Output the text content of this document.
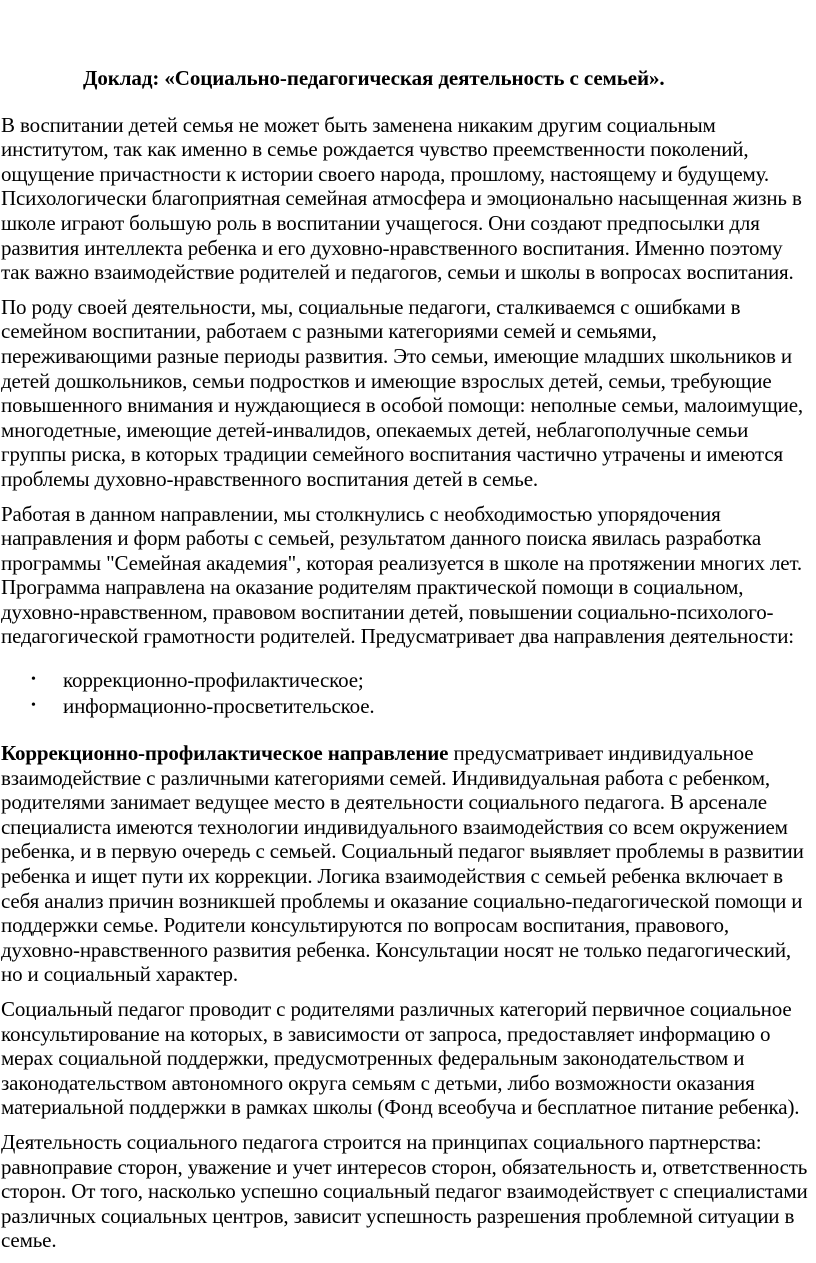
Доклад: «Социально-педагогическая деятельность с семьей».

В воспитании детей семья не может быть заменена никаким другим социальным институтом, так как именно в семье рождается чувство преемственности поколений, ощущение причастности к истории своего народа, прошлому, настоящему и будущему. Психологически благоприятная семейная атмосфера и эмоционально насыщенная жизнь в школе играют большую роль в воспитании учащегося. Они создают предпосылки для развития интеллекта ребенка и его духовно-нравственного воспитания. Именно поэтому так важно взаимодействие родителей и педагогов, семьи и школы в вопросах воспитания.

По роду своей деятельности, мы, социальные педагоги, сталкиваемся с ошибками в семейном воспитании, работаем с разными категориями семей и семьями, переживающими разные периоды развития. Это семьи, имеющие младших школьников и детей дошкольников, семьи подростков и имеющие взрослых детей, семьи, требующие повышенного внимания и нуждающиеся в особой помощи: неполные семьи, малоимущие, многодетные, имеющие детей-инвалидов, опекаемых детей, неблагополучные семьи группы риска, в которых традиции семейного воспитания частично утрачены и имеются проблемы духовно-нравственного воспитания детей в семье.

Работая в данном направлении, мы столкнулись с необходимостью упорядочения направления и форм работы с семьей, результатом данного поиска явилась разработка программы "Семейная академия", которая реализуется в школе на протяжении многих лет. Программа направлена на оказание родителям практической помощи в социальном, духовно-нравственном, правовом воспитании детей, повышении социально-психолого-педагогической грамотности родителей. Предусматривает два направления деятельности:

• коррекционно-профилактическое;
• информационно-просветительское.

Коррекционно-профилактическое направление предусматривает индивидуальное взаимодействие с различными категориями семей. Индивидуальная работа с ребенком, родителями занимает ведущее место в деятельности социального педагога. В арсенале специалиста имеются технологии индивидуального взаимодействия со всем окружением ребенка, и в первую очередь с семьей. Социальный педагог выявляет проблемы в развитии ребенка и ищет пути их коррекции. Логика взаимодействия с семьей ребенка включает в себя анализ причин возникшей проблемы и оказание социально-педагогической помощи и поддержки семье. Родители консультируются по вопросам воспитания, правового, духовно-нравственного развития ребенка. Консультации носят не только педагогический, но и социальный характер.

Социальный педагог проводит с родителями различных категорий первичное социальное консультирование на которых, в зависимости от запроса, предоставляет информацию о мерах социальной поддержки, предусмотренных федеральным законодательством и законодательством автономного округа семьям с детьми, либо возможности оказания материальной поддержки в рамках школы (Фонд всеобуча и бесплатное питание ребенка).

Деятельность социального педагога строится на принципах социального партнерства: равноправие сторон, уважение и учет интересов сторон, обязательность и, ответственность сторон. От того, насколько успешно социальный педагог взаимодействует с специалистами различных социальных центров, зависит успешность разрешения проблемной ситуации в семье.
